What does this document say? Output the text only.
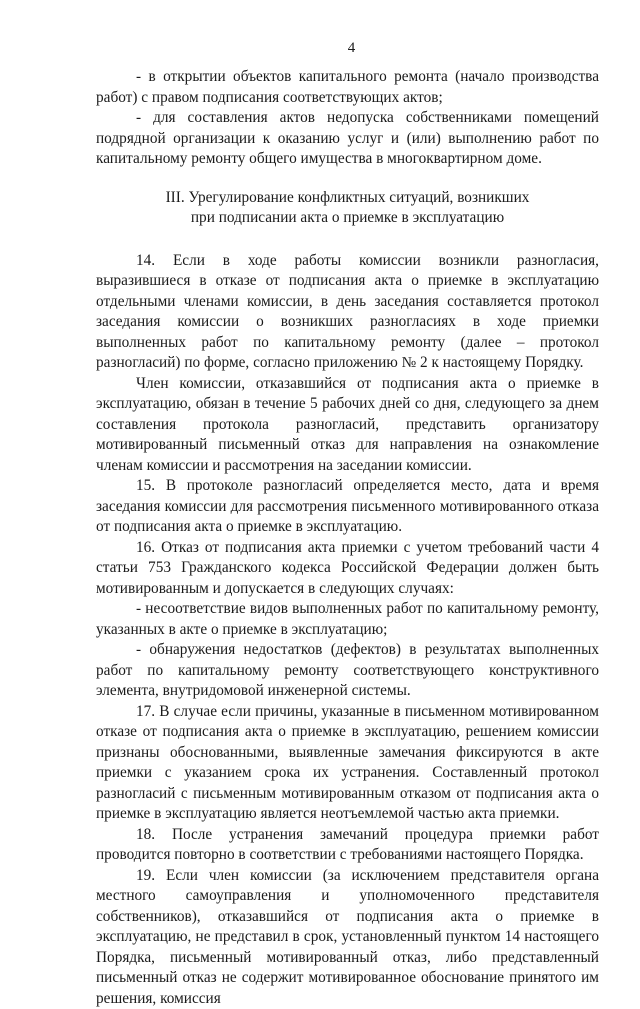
4

- в открытии объектов капитального ремонта (начало производства работ) с правом подписания соответствующих актов;

- для составления актов недопуска собственниками помещений подрядной организации к оказанию услуг и (или) выполнению работ по капитальному ремонту общего имущества в многоквартирном доме.

III. Урегулирование конфликтных ситуаций, возникших
при подписании акта о приемке в эксплуатацию

14. Если в ходе работы комиссии возникли разногласия, выразившиеся в отказе от подписания акта о приемке в эксплуатацию отдельными членами комиссии, в день заседания составляется протокол заседания комиссии о возникших разногласиях в ходе приемки выполненных работ по капитальному ремонту (далее – протокол разногласий) по форме, согласно приложению № 2 к настоящему Порядку.

Член комиссии, отказавшийся от подписания акта о приемке в эксплуатацию, обязан в течение 5 рабочих дней со дня, следующего за днем составления протокола разногласий, представить организатору мотивированный письменный отказ для направления на ознакомление членам комиссии и рассмотрения на заседании комиссии.

15. В протоколе разногласий определяется место, дата и время заседания комиссии для рассмотрения письменного мотивированного отказа от подписания акта о приемке в эксплуатацию.

16. Отказ от подписания акта приемки с учетом требований части 4 статьи 753 Гражданского кодекса Российской Федерации должен быть мотивированным и допускается в следующих случаях:

- несоответствие видов выполненных работ по капитальному ремонту, указанных в акте о приемке в эксплуатацию;

- обнаружения недостатков (дефектов) в результатах выполненных работ по капитальному ремонту соответствующего конструктивного элемента, внутридомовой инженерной системы.

17. В случае если причины, указанные в письменном мотивированном отказе от подписания акта о приемке в эксплуатацию, решением комиссии признаны обоснованными, выявленные замечания фиксируются в акте приемки с указанием срока их устранения. Составленный протокол разногласий с письменным мотивированным отказом от подписания акта о приемке в эксплуатацию является неотъемлемой частью акта приемки.

18. После устранения замечаний процедура приемки работ проводится повторно в соответствии с требованиями настоящего Порядка.

19. Если член комиссии (за исключением представителя органа местного самоуправления и уполномоченного представителя собственников), отказавшийся от подписания акта о приемке в эксплуатацию, не представил в срок, установленный пунктом 14 настоящего Порядка, письменный мотивированный отказ, либо представленный письменный отказ не содержит мотивированное обоснование принятого им решения, комиссия
